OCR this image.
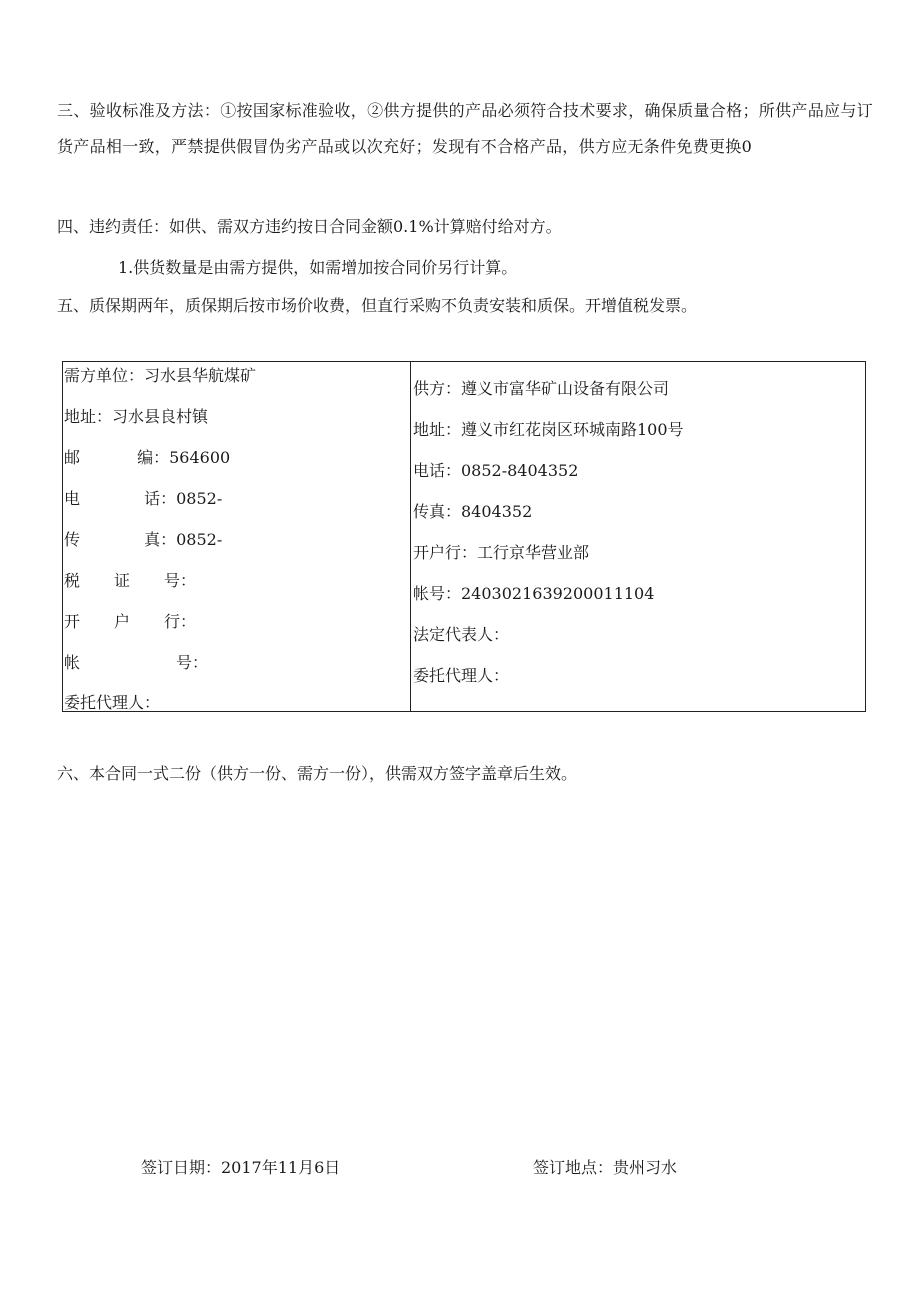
三、验收标准及方法：①按国家标准验收，②供方提供的产品必须符合技术要求，确保质量合格；所供产品应与订货产品相一致，严禁提供假冒伪劣产品或以次充好；发现有不合格产品，供方应无条件免费更换0

四、违约责任：如供、需双方违约按日合同金额0.1%计算赔付给对方。
1.供货数量是由需方提供，如需增加按合同价另行计算。
五、质保期两年，质保期后按市场价收费，但直行采购不负责安装和质保。开增值税发票。
需方单位：习水县华航煤矿
地址：习水县良村镇
邮	编：564600
电	话：0852-
传	真：0852-
税 证 号：
开 户 行：
帐	号：
委托代理人：
供方：遵义市富华矿山设备有限公司
地址：遵义市红花岗区环城南路100号
电话：0852-8404352
传真：8404352
开户行：工行京华营业部
帐号：2403021639200011104
法定代表人：
委托代理人：
六、本合同一式二份（供方一份、需方一份），供需双方签字盖章后生效。
签订日期：2017年11月6日	签订地点：贵州习水
